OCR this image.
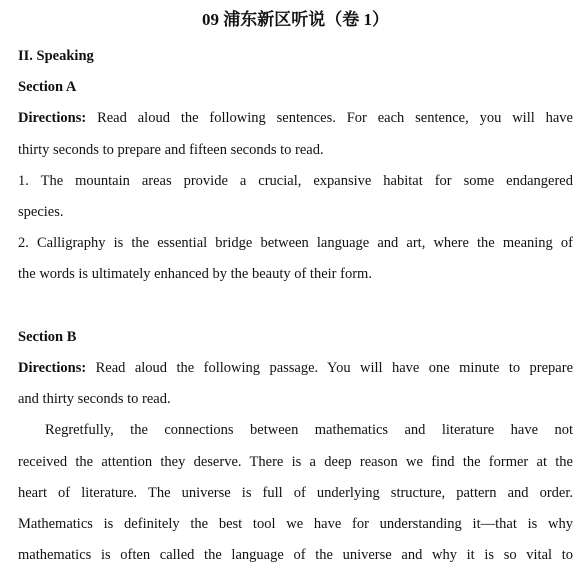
09 浦东新区听说（卷 1）
II. Speaking
Section A
Directions: Read aloud the following sentences. For each sentence, you will have
thirty seconds to prepare and fifteen seconds to read.
1. The mountain areas provide a crucial, expansive habitat for some endangered
species.
2. Calligraphy is the essential bridge between language and art, where the meaning of
the words is ultimately enhanced by the beauty of their form.
Section B
Directions: Read aloud the following passage. You will have one minute to prepare
and thirty seconds to read.
Regretfully, the connections between mathematics and literature have not
received the attention they deserve. There is a deep reason we find the former at the
heart of literature. The universe is full of underlying structure, pattern and order.
Mathematics is definitely the best tool we have for understanding it—that is why
mathematics is often called the language of the universe and why it is so vital to
